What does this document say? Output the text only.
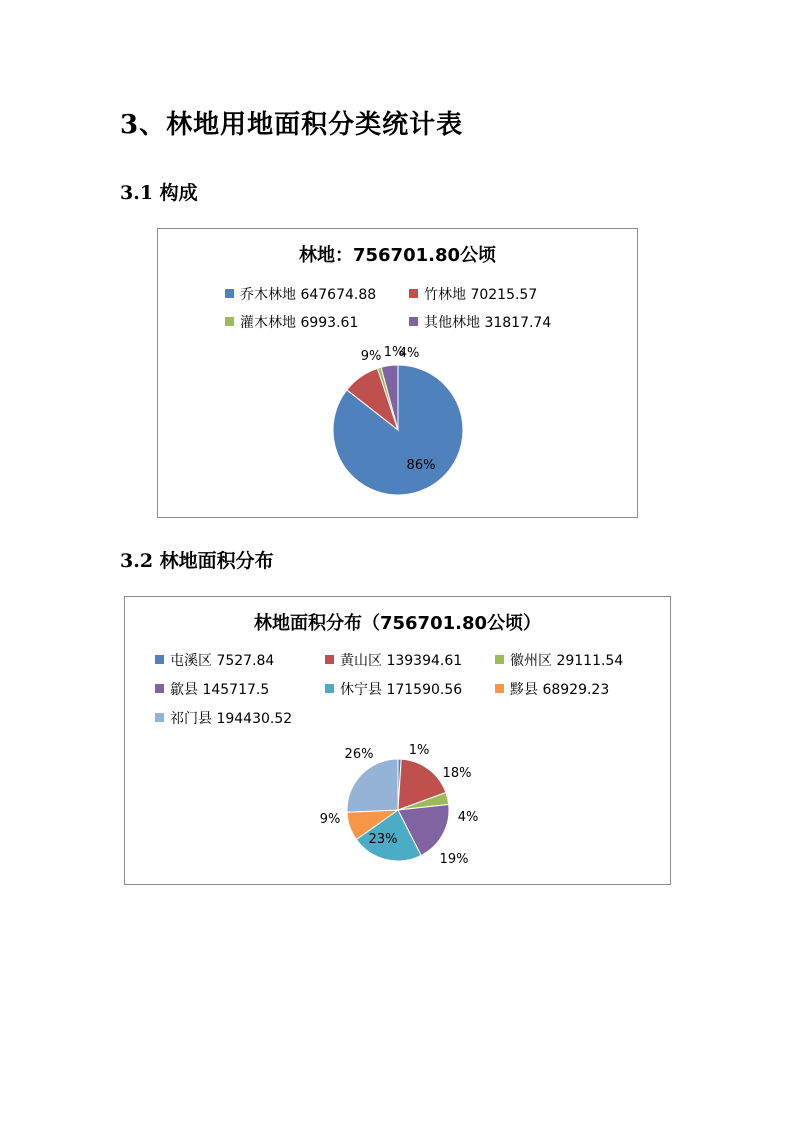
3、林地用地面积分类统计表
3.1 构成
林地：756701.80公顷
乔木林地 647674.88	竹林地 70215.57
灌木林地 6993.61	其他林地 31817.74
86%
9% 1%
4%
3.2 林地面积分布
林地面积分布（756701.80公顷）
屯溪区 7527.84	黄山区 139394.61	徽州区 29111.54
歙县 145717.5	休宁县 171590.56	黟县 68929.23
祁门县 194430.52
1%
18%
4%
19%
23%
9%
26%
